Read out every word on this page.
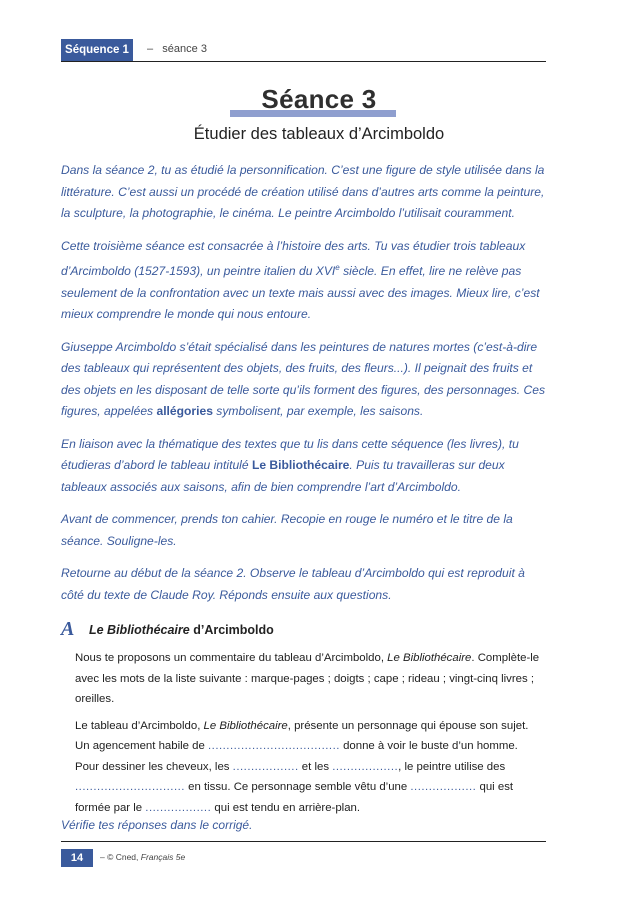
Séquence 1	– séance 3
Séance 3
Étudier des tableaux d’Arcimboldo

Dans la séance 2, tu as étudié la personnification. C’est une figure de style utilisée dans la littérature. C’est aussi un procédé de création utilisé dans d’autres arts comme la peinture, la sculpture, la photographie, le cinéma. Le peintre Arcimboldo l’utilisait couramment.

Cette troisième séance est consacrée à l’histoire des arts. Tu vas étudier trois tableaux d’Arcimboldo (1527-1593), un peintre italien du XVIe siècle. En effet, lire ne relève pas seulement de la confrontation avec un texte mais aussi avec des images. Mieux lire, c’est mieux comprendre le monde qui nous entoure.

Giuseppe Arcimboldo s’était spécialisé dans les peintures de natures mortes (c’est-à-dire des tableaux qui représentent des objets, des fruits, des fleurs...). Il peignait des fruits et des objets en les disposant de telle sorte qu’ils forment des figures, des personnages. Ces figures, appelées allégories symbolisent, par exemple, les saisons.

En liaison avec la thématique des textes que tu lis dans cette séquence (les livres), tu étudieras d’abord le tableau intitulé Le Bibliothécaire. Puis tu travailleras sur deux tableaux associés aux saisons, afin de bien comprendre l’art d’Arcimboldo.

Avant de commencer, prends ton cahier. Recopie en rouge le numéro et le titre de la séance. Souligne-les.

Retourne au début de la séance 2. Observe le tableau d’Arcimboldo qui est reproduit à côté du texte de Claude Roy. Réponds ensuite aux questions.

A Le Bibliothécaire d’Arcimboldo

Nous te proposons un commentaire du tableau d’Arcimboldo, Le Bibliothécaire. Complète-le avec les mots de la liste suivante : marque-pages ; doigts ; cape ; rideau ; vingt-cinq livres ; oreilles.

Le tableau d’Arcimboldo, Le Bibliothécaire, présente un personnage qui épouse son sujet. Un agencement habile de .................................... donne à voir le buste d’un homme. Pour dessiner les cheveux, les .................. et les .................., le peintre utilise des .............................. en tissu. Ce personnage semble vêtu d’une .................. qui est formée par le .................. qui est tendu en arrière-plan.

Vérifie tes réponses dans le corrigé.
14	– © Cned, Français 5e
